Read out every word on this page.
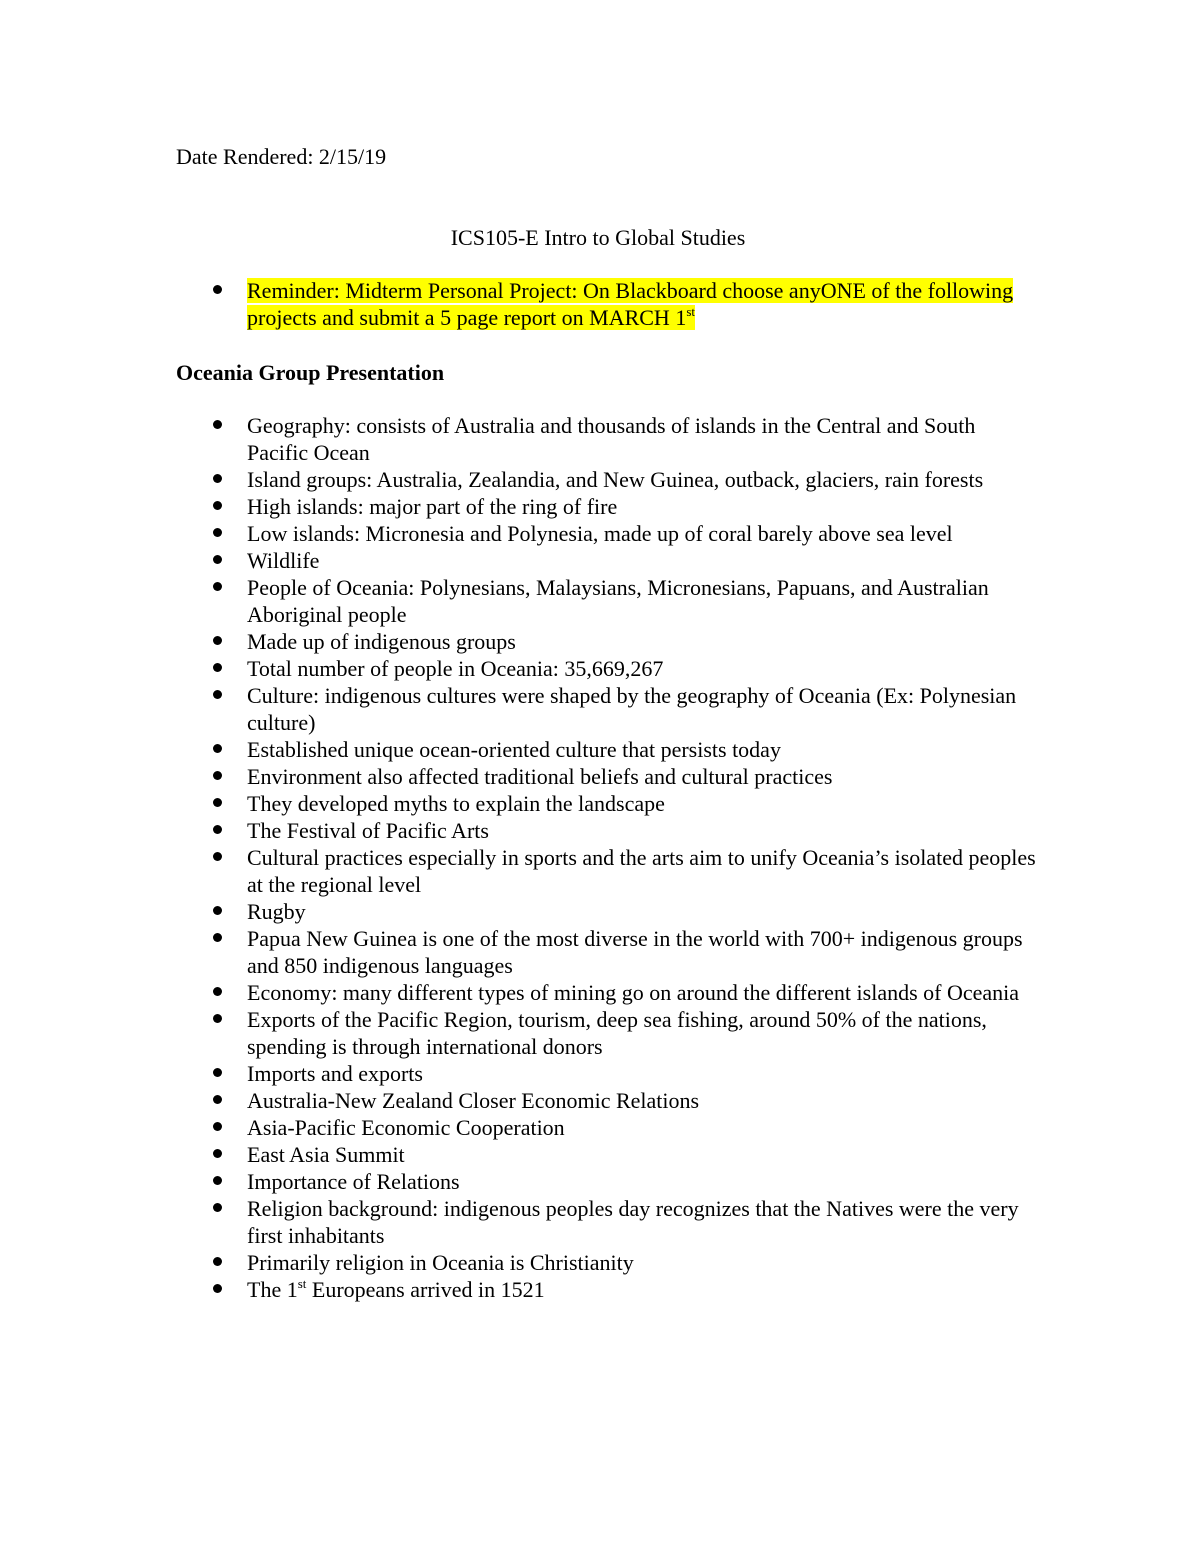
Date Rendered: 2/15/19
ICS105-E Intro to Global Studies
Reminder: Midterm Personal Project: On Blackboard choose anyONE of the following projects and submit a 5 page report on MARCH 1st
Oceania Group Presentation
Geography: consists of Australia and thousands of islands in the Central and South Pacific Ocean
Island groups: Australia, Zealandia, and New Guinea, outback, glaciers, rain forests
High islands: major part of the ring of fire
Low islands: Micronesia and Polynesia, made up of coral barely above sea level
Wildlife
People of Oceania: Polynesians, Malaysians, Micronesians, Papuans, and Australian Aboriginal people
Made up of indigenous groups
Total number of people in Oceania: 35,669,267
Culture: indigenous cultures were shaped by the geography of Oceania (Ex: Polynesian culture)
Established unique ocean-oriented culture that persists today
Environment also affected traditional beliefs and cultural practices
They developed myths to explain the landscape
The Festival of Pacific Arts
Cultural practices especially in sports and the arts aim to unify Oceania’s isolated peoples at the regional level
Rugby
Papua New Guinea is one of the most diverse in the world with 700+ indigenous groups and 850 indigenous languages
Economy: many different types of mining go on around the different islands of Oceania
Exports of the Pacific Region, tourism, deep sea fishing, around 50% of the nations, spending is through international donors
Imports and exports
Australia-New Zealand Closer Economic Relations
Asia-Pacific Economic Cooperation
East Asia Summit
Importance of Relations
Religion background: indigenous peoples day recognizes that the Natives were the very first inhabitants
Primarily religion in Oceania is Christianity
The 1st Europeans arrived in 1521
